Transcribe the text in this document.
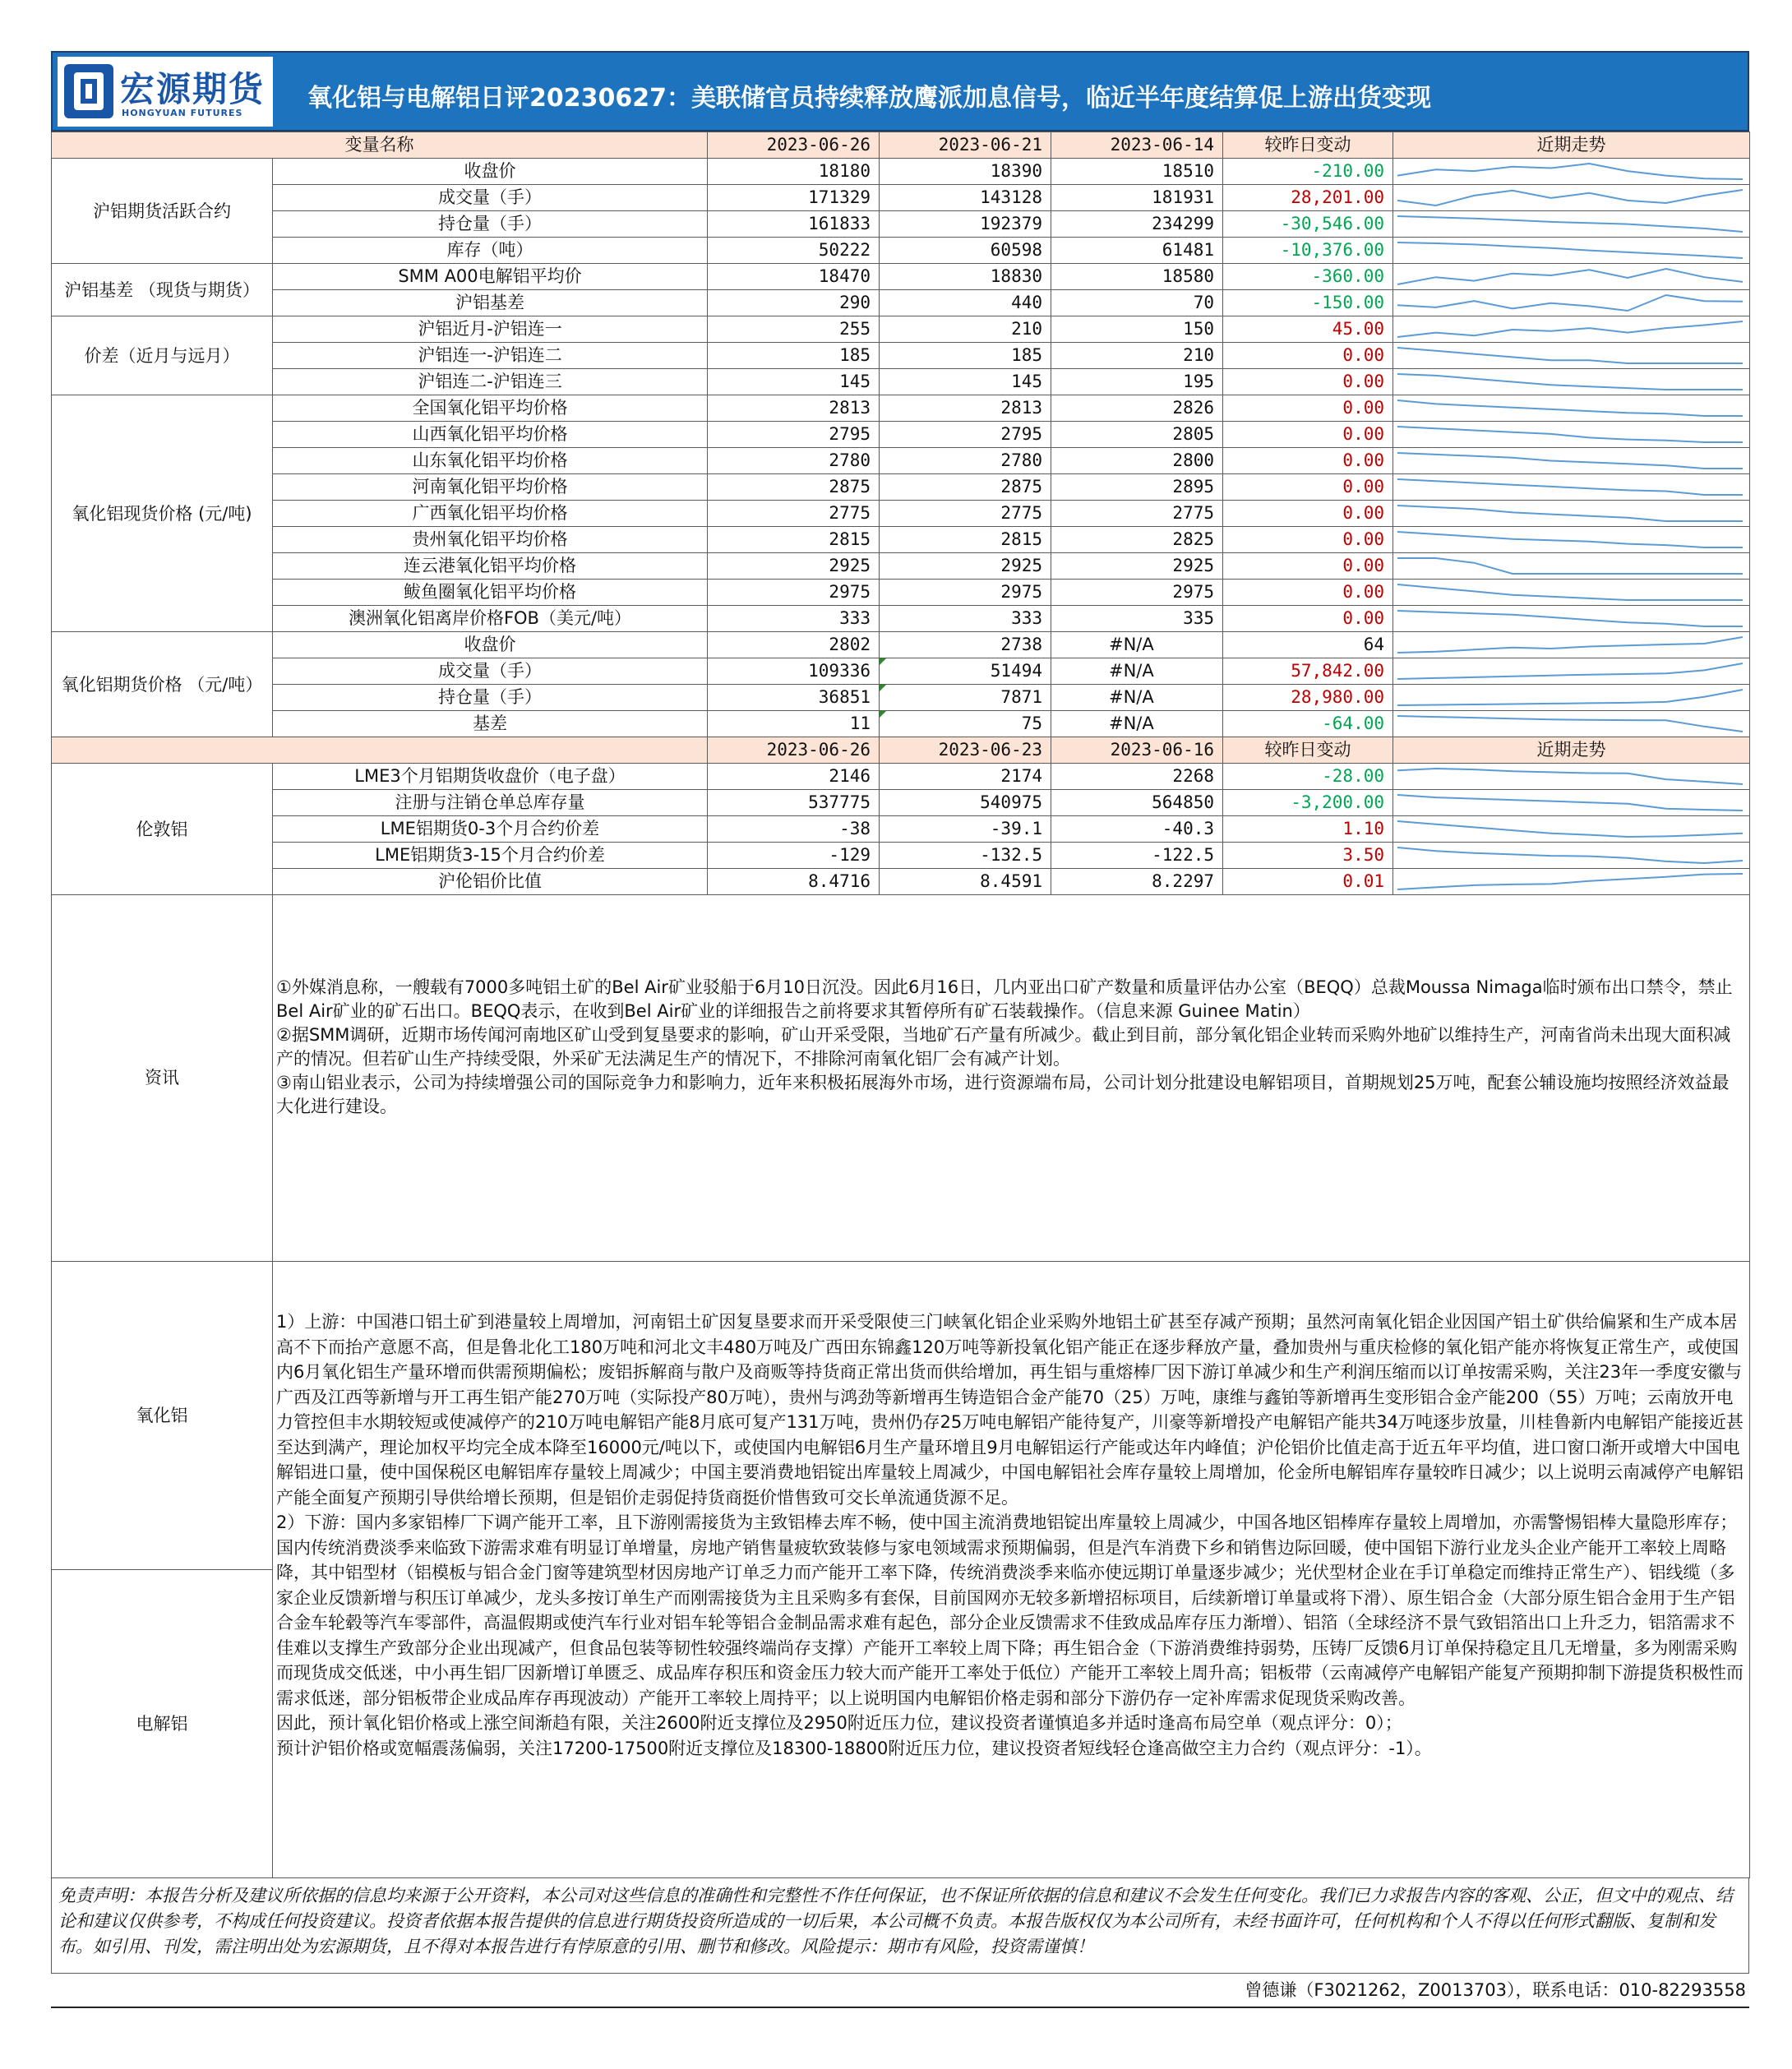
宏源期货
HONGYUAN FUTURES
氧化铝与电解铝日评20230627：美联储官员持续释放鹰派加息信号，临近半年度结算促上游出货变现
变量名称		2023-06-26	2023-06-21	2023-06-14	较昨日变动	近期走势
沪铝期货活跃合约	收盘价	18180	18390	18510	-210.00	

	成交量（手）	171329	143128	181931	28,201.00	

	持仓量（手）	161833	192379	234299	-30,546.00	

	库存（吨）	50222	60598	61481	-10,376.00	

沪铝基差 （现货与期货）	SMM A00电解铝平均价	18470	18830	18580	-360.00	

	沪铝基差	290	440	70	-150.00	

价差（近月与远月）	沪铝近月-沪铝连一	255	210	150	45.00	

	沪铝连一-沪铝连二	185	185	210	0.00	

	沪铝连二-沪铝连三	145	145	195	0.00	

氧化铝现货价格 (元/吨)	全国氧化铝平均价格	2813	2813	2826	0.00	

	山西氧化铝平均价格	2795	2795	2805	0.00	

	山东氧化铝平均价格	2780	2780	2800	0.00	

	河南氧化铝平均价格	2875	2875	2895	0.00	

	广西氧化铝平均价格	2775	2775	2775	0.00	

	贵州氧化铝平均价格	2815	2815	2825	0.00	

	连云港氧化铝平均价格	2925	2925	2925	0.00	

	鲅鱼圈氧化铝平均价格	2975	2975	2975	0.00	

	澳洲氧化铝离岸价格FOB（美元/吨）	333	333	335	0.00	

氧化铝期货价格 （元/吨）	收盘价	2802	2738	#N/A	64	

	成交量（手）	109336	51494	#N/A	57,842.00	

	持仓量（手）	36851	7871	#N/A	28,980.00	

	基差	11	75	#N/A	-64.00	

		2023-06-26	2023-06-23	2023-06-16	较昨日变动	近期走势
伦敦铝	LME3个月铝期货收盘价（电子盘）	2146	2174	2268	-28.00	

	注册与注销仓单总库存量	537775	540975	564850	-3,200.00	

	LME铝期货0-3个月合约价差	-38	-39.1	-40.3	1.10	

	LME铝期货3-15个月合约价差	-129	-132.5	-122.5	3.50	

	沪伦铝价比值	8.4716	8.4591	8.2297	0.01	

资讯	①外媒消息称，一艘载有7000多吨铝土矿的Bel Air矿业驳船于6月10日沉没。因此6月16日，几内亚出口矿产数量和质量评估办公室（BEQQ）总裁Moussa Nimaga临时颁布出口禁令，禁止Bel Air矿业的矿石出口。BEQQ表示，在收到Bel Air矿业的详细报告之前将要求其暂停所有矿石装载操作。（信息来源 Guinee Matin）

②据SMM调研，近期市场传闻河南地区矿山受到复垦要求的影响，矿山开采受限，当地矿石产量有所减少。截止到目前，部分氧化铝企业转而采购外地矿以维持生产，河南省尚未出现大面积减产的情况。但若矿山生产持续受限，外采矿无法满足生产的情况下，不排除河南氧化铝厂会有减产计划。

③南山铝业表示，公司为持续增强公司的国际竞争力和影响力，近年来积极拓展海外市场，进行资源端布局，公司计划分批建设电解铝项目，首期规划25万吨，配套公辅设施均按照经济效益最大化进行建设。					

氧化铝	1）上游：中国港口铝土矿到港量较上周增加，河南铝土矿因复垦要求而开采受限使三门峡氧化铝企业采购外地铝土矿甚至存减产预期；虽然河南氧化铝企业因国产铝土矿供给偏紧和生产成本居高不下而抬产意愿不高，但是鲁北化工180万吨和河北文丰480万吨及广西田东锦鑫120万吨等新投氧化铝产能正在逐步释放产量，叠加贵州与重庆检修的氧化铝产能亦将恢复正常生产，或使国内6月氧化铝生产量环增而供需预期偏松；废铝拆解商与散户及商贩等持货商正常出货而供给增加，再生铝与重熔棒厂因下游订单减少和生产利润压缩而以订单按需采购，关注23年一季度安徽与广西及江西等新增与开工再生铝产能270万吨（实际投产80万吨），贵州与鸿劲等新增再生铸造铝合金产能70（25）万吨，康维与鑫铂等新增再生变形铝合金产能200（55）万吨；云南放开电力管控但丰水期较短或使减停产的210万吨电解铝产能8月底可复产131万吨，贵州仍存25万吨电解铝产能待复产，川豪等新增投产电解铝产能共34万吨逐步放量，川桂鲁新内电解铝产能接近甚至达到满产，理论加权平均完全成本降至16000元/吨以下，或使国内电解铝6月生产量环增且9月电解铝运行产能或达年内峰值；沪伦铝价比值走高于近五年平均值，进口窗口渐开或增大中国电解铝进口量，使中国保税区电解铝库存量较上周减少；中国主要消费地铝锭出库量较上周减少，中国电解铝社会库存量较上周增加，伦金所电解铝库存量较昨日减少；以上说明云南减停产电解铝产能全面复产预期引导供给增长预期，但是铝价走弱促持货商挺价惜售致可交长单流通货源不足。

2）下游：国内多家铝棒厂下调产能开工率，且下游刚需接货为主致铝棒去库不畅，使中国主流消费地铝锭出库量较上周减少，中国各地区铝棒库存量较上周增加，亦需警惕铝棒大量隐形库存；国内传统消费淡季来临致下游需求难有明显订单增量，房地产销售量疲软致装修与家电领域需求预期偏弱，但是汽车消费下乡和销售边际回暖，使中国铝下游行业龙头企业产能开工率较上周略降，其中铝型材（铝模板与铝合金门窗等建筑型材因房地产订单乏力而产能开工率下降，传统消费淡季来临亦使远期订单量逐步减少；光伏型材企业在手订单稳定而维持正常生产）、铝线缆（多家企业反馈新增与积压订单减少，龙头多按订单生产而刚需接货为主且采购多有套保，目前国网亦无较多新增招标项目，后续新增订单量或将下滑）、原生铝合金（大部分原生铝合金用于生产铝合金车轮毂等汽车零部件，高温假期或使汽车行业对铝车轮等铝合金制品需求难有起色，部分企业反馈需求不佳致成品库存压力渐增）、铝箔（全球经济不景气致铝箔出口上升乏力，铝箔需求不佳难以支撑生产致部分企业出现减产，但食品包装等韧性较强终端尚存支撑）产能开工率较上周下降；再生铝合金（下游消费维持弱势，压铸厂反馈6月订单保持稳定且几无增量，多为刚需采购而现货成交低迷，中小再生铝厂因新增订单匮乏、成品库存积压和资金压力较大而产能开工率处于低位）产能开工率较上周升高；铝板带（云南减停产电解铝产能复产预期抑制下游提货积极性而需求低迷，部分铝板带企业成品库存再现波动）产能开工率较上周持平；以上说明国内电解铝价格走弱和部分下游仍存一定补库需求促现货采购改善。

因此，预计氧化铝价格或上涨空间渐趋有限，关注2600附近支撑位及2950附近压力位，建议投资者谨慎追多并适时逢高布局空单（观点评分：0）；

预计沪铝价格或宽幅震荡偏弱，关注17200-17500附近支撑位及18300-18800附近压力位，建议投资者短线轻仓逢高做空主力合约（观点评分：-1）。					

电解铝						
免责声明：本报告分析及建议所依据的信息均来源于公开资料，本公司对这些信息的准确性和完整性不作任何保证，也不保证所依据的信息和建议不会发生任何变化。我们已力求报告内容的客观、公正，但文中的观点、结论和建议仅供参考，不构成任何投资建议。投资者依据本报告提供的信息进行期货投资所造成的一切后果，本公司概不负责。本报告版权仅为本公司所有，未经书面许可，任何机构和个人不得以任何形式翻版、复制和发布。如引用、刊发，需注明出处为宏源期货，且不得对本报告进行有悖原意的引用、删节和修改。风险提示：期市有风险，投资需谨慎！
曾德谦（F3021262，Z0013703），联系电话：010-82293558
